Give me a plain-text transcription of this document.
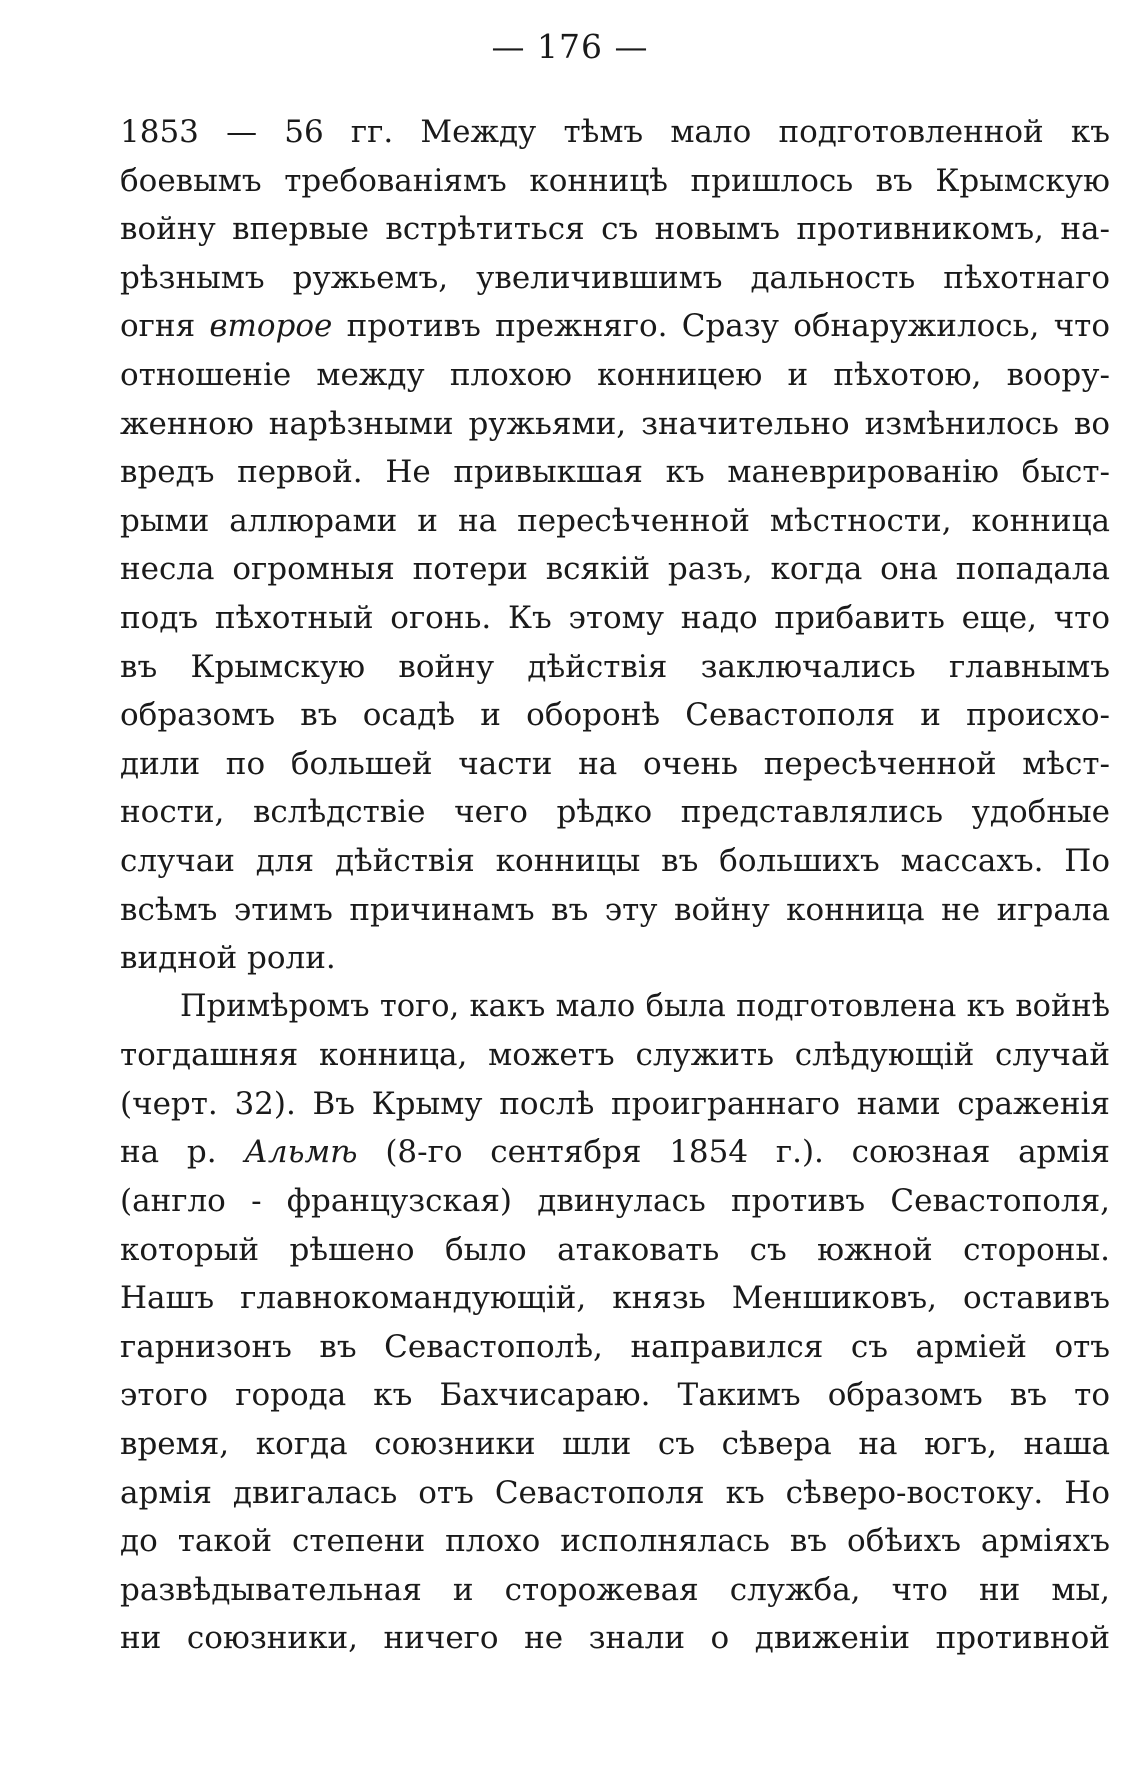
— 176 —
1853 — 56 гг. Между тѣмъ мало подготовленной къ
боевымъ требованіямъ конницѣ пришлось въ Крымскую
войну впервые встрѣтиться съ новымъ противникомъ, на-
рѣзнымъ ружьемъ, увеличившимъ дальность пѣхотнаго
огня вторoе противъ прежняго. Сразу обнаружилось, что
отношеніе между плохою конницею и пѣхотою, воору-
женною нарѣзными ружьями, значительно измѣнилось во
вредъ первой. Не привыкшая къ маневрированію быст-
рыми аллюрами и на пересѣченной мѣстности, конница
несла огромныя потери всякій разъ, когда она попадала
подъ пѣхотный огонь. Къ этому надо прибавить еще, что
въ Крымскую войну дѣйствія заключались главнымъ
образомъ въ осадѣ и оборонѣ Севастополя и происхо-
дили по большей части на очень пересѣченной мѣст-
ности, вслѣдствіе чего рѣдко представлялись удобные
случаи для дѣйствія конницы въ большихъ массахъ. По
всѣмъ этимъ причинамъ въ эту войну конница не играла
видной роли.
Примѣромъ того, какъ мало была подготовлена къ войнѣ
тогдашняя конница, можетъ служить слѣдующій случай
(черт. 32). Въ Крыму послѣ проиграннаго нами сраженія
на р. Альмѣ (8-го сентября 1854 г.). союзная армія
(англо - французская) двинулась противъ Севастополя,
который рѣшено было атаковать съ южной стороны.
Нашъ главнокомандующій, князь Меншиковъ, оставивъ
гарнизонъ въ Севастополѣ, направился съ арміей отъ
этого города къ Бахчисараю. Такимъ образомъ въ то
время, когда союзники шли съ сѣвера на югъ, наша
армія двигалась отъ Севастополя къ сѣверо-востоку. Но
до такой степени плохо исполнялась въ обѣихъ арміяхъ
развѣдывательная и сторожевая служба, что ни мы,
ни союзники, ничего не знали о движеніи противной
